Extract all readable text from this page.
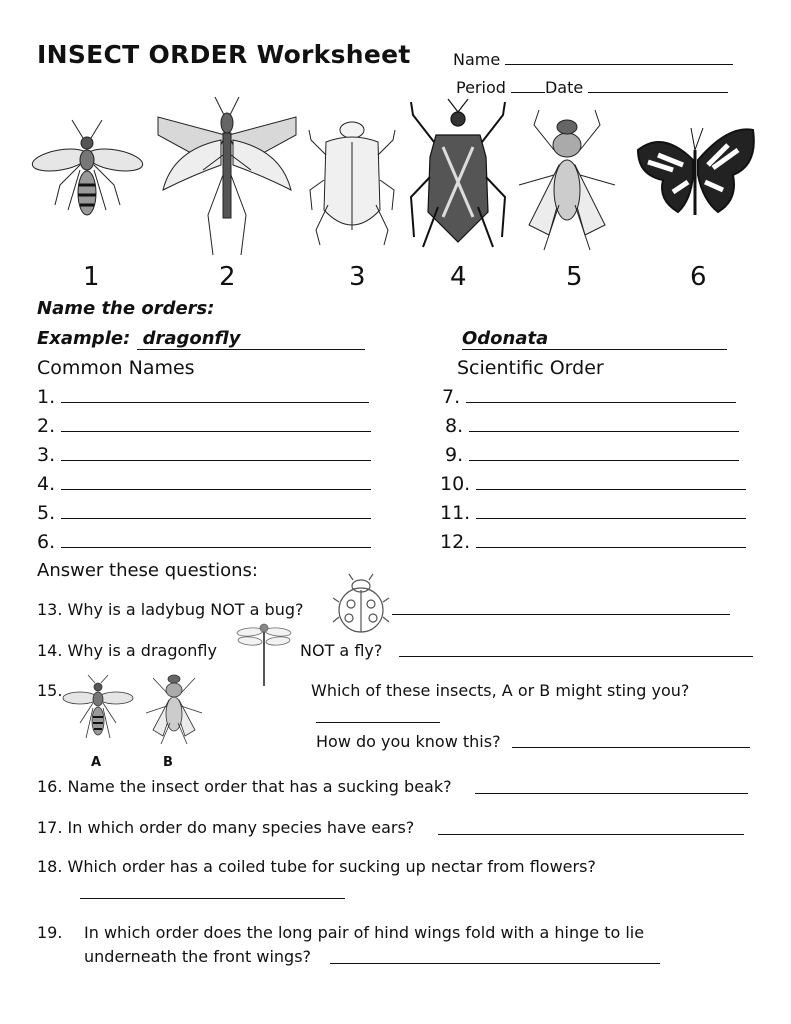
INSECT ORDER Worksheet	Name
Period Date
1	2	3	4	5	6
Name the orders:
Example: dragonfly	Odonata
Common Names	Scientific Order
1.
2.
3.
4.
5.
6.
7.
8.
9.
10.
11.
12.
Answer these questions:
13. Why is a ladybug NOT a bug?
14. Why is a dragonfly	NOT a fly?
15.
A	B
Which of these insects, A or B might sting you?
How do you know this?
16. Name the insect order that has a sucking beak?
17. In which order do many species have ears?
18. Which order has a coiled tube for sucking up nectar from flowers?
19. In which order does the long pair of hind wings fold with a hinge to lie
underneath the front wings?
